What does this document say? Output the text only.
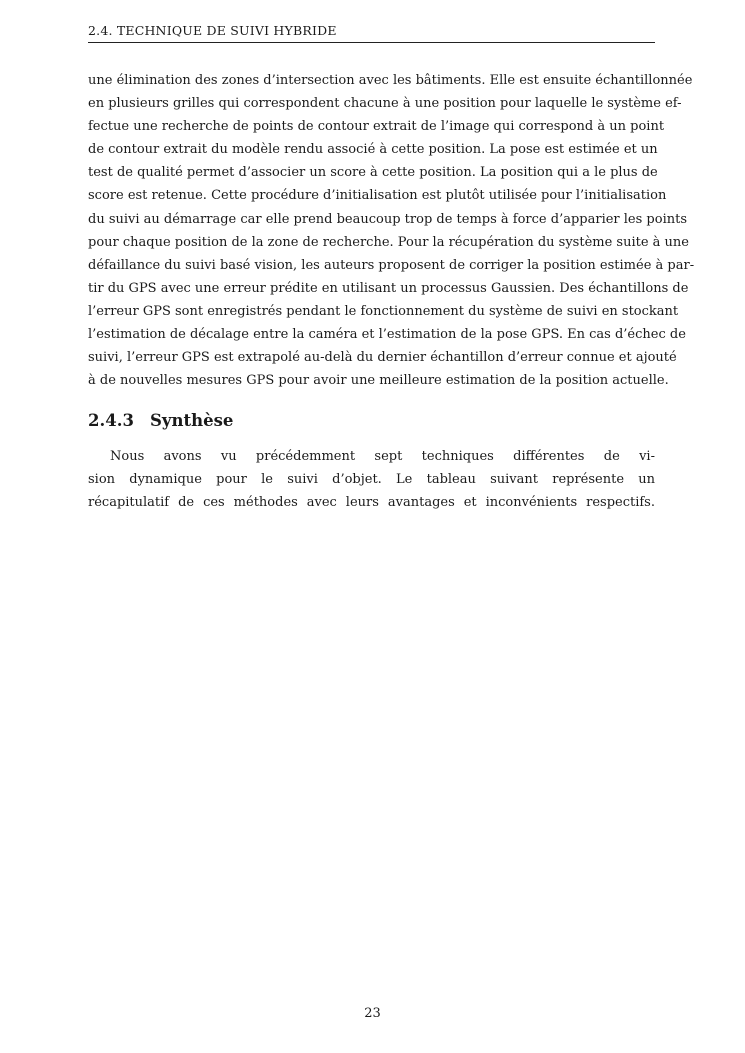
2.4. TECHNIQUE DE SUIVI HYBRIDE
une élimination des zones d’intersection avec les bâtiments. Elle est ensuite échantillonnée
en plusieurs grilles qui correspondent chacune à une position pour laquelle le système ef-
fectue une recherche de points de contour extrait de l’image qui correspond à un point
de contour extrait du modèle rendu associé à cette position. La pose est estimée et un
test de qualité permet d’associer un score à cette position. La position qui a le plus de
score est retenue. Cette procédure d’initialisation est plutôt utilisée pour l’initialisation
du suivi au démarrage car elle prend beaucoup trop de temps à force d’apparier les points
pour chaque position de la zone de recherche. Pour la récupération du système suite à une
défaillance du suivi basé vision, les auteurs proposent de corriger la position estimée à par-
tir du GPS avec une erreur prédite en utilisant un processus Gaussien. Des échantillons de
l’erreur GPS sont enregistrés pendant le fonctionnement du système de suivi en stockant
l’estimation de décalage entre la caméra et l’estimation de la pose GPS. En cas d’échec de
suivi, l’erreur GPS est extrapolé au-delà du dernier échantillon d’erreur connue et ajouté
à de nouvelles mesures GPS pour avoir une meilleure estimation de la position actuelle.
2.4.3 Synthèse
Nous avons vu précédemment sept techniques différentes de vi-
sion dynamique pour le suivi d’objet. Le tableau suivant représente un
récapitulatif de ces méthodes avec leurs avantages et inconvénients respectifs.
23
